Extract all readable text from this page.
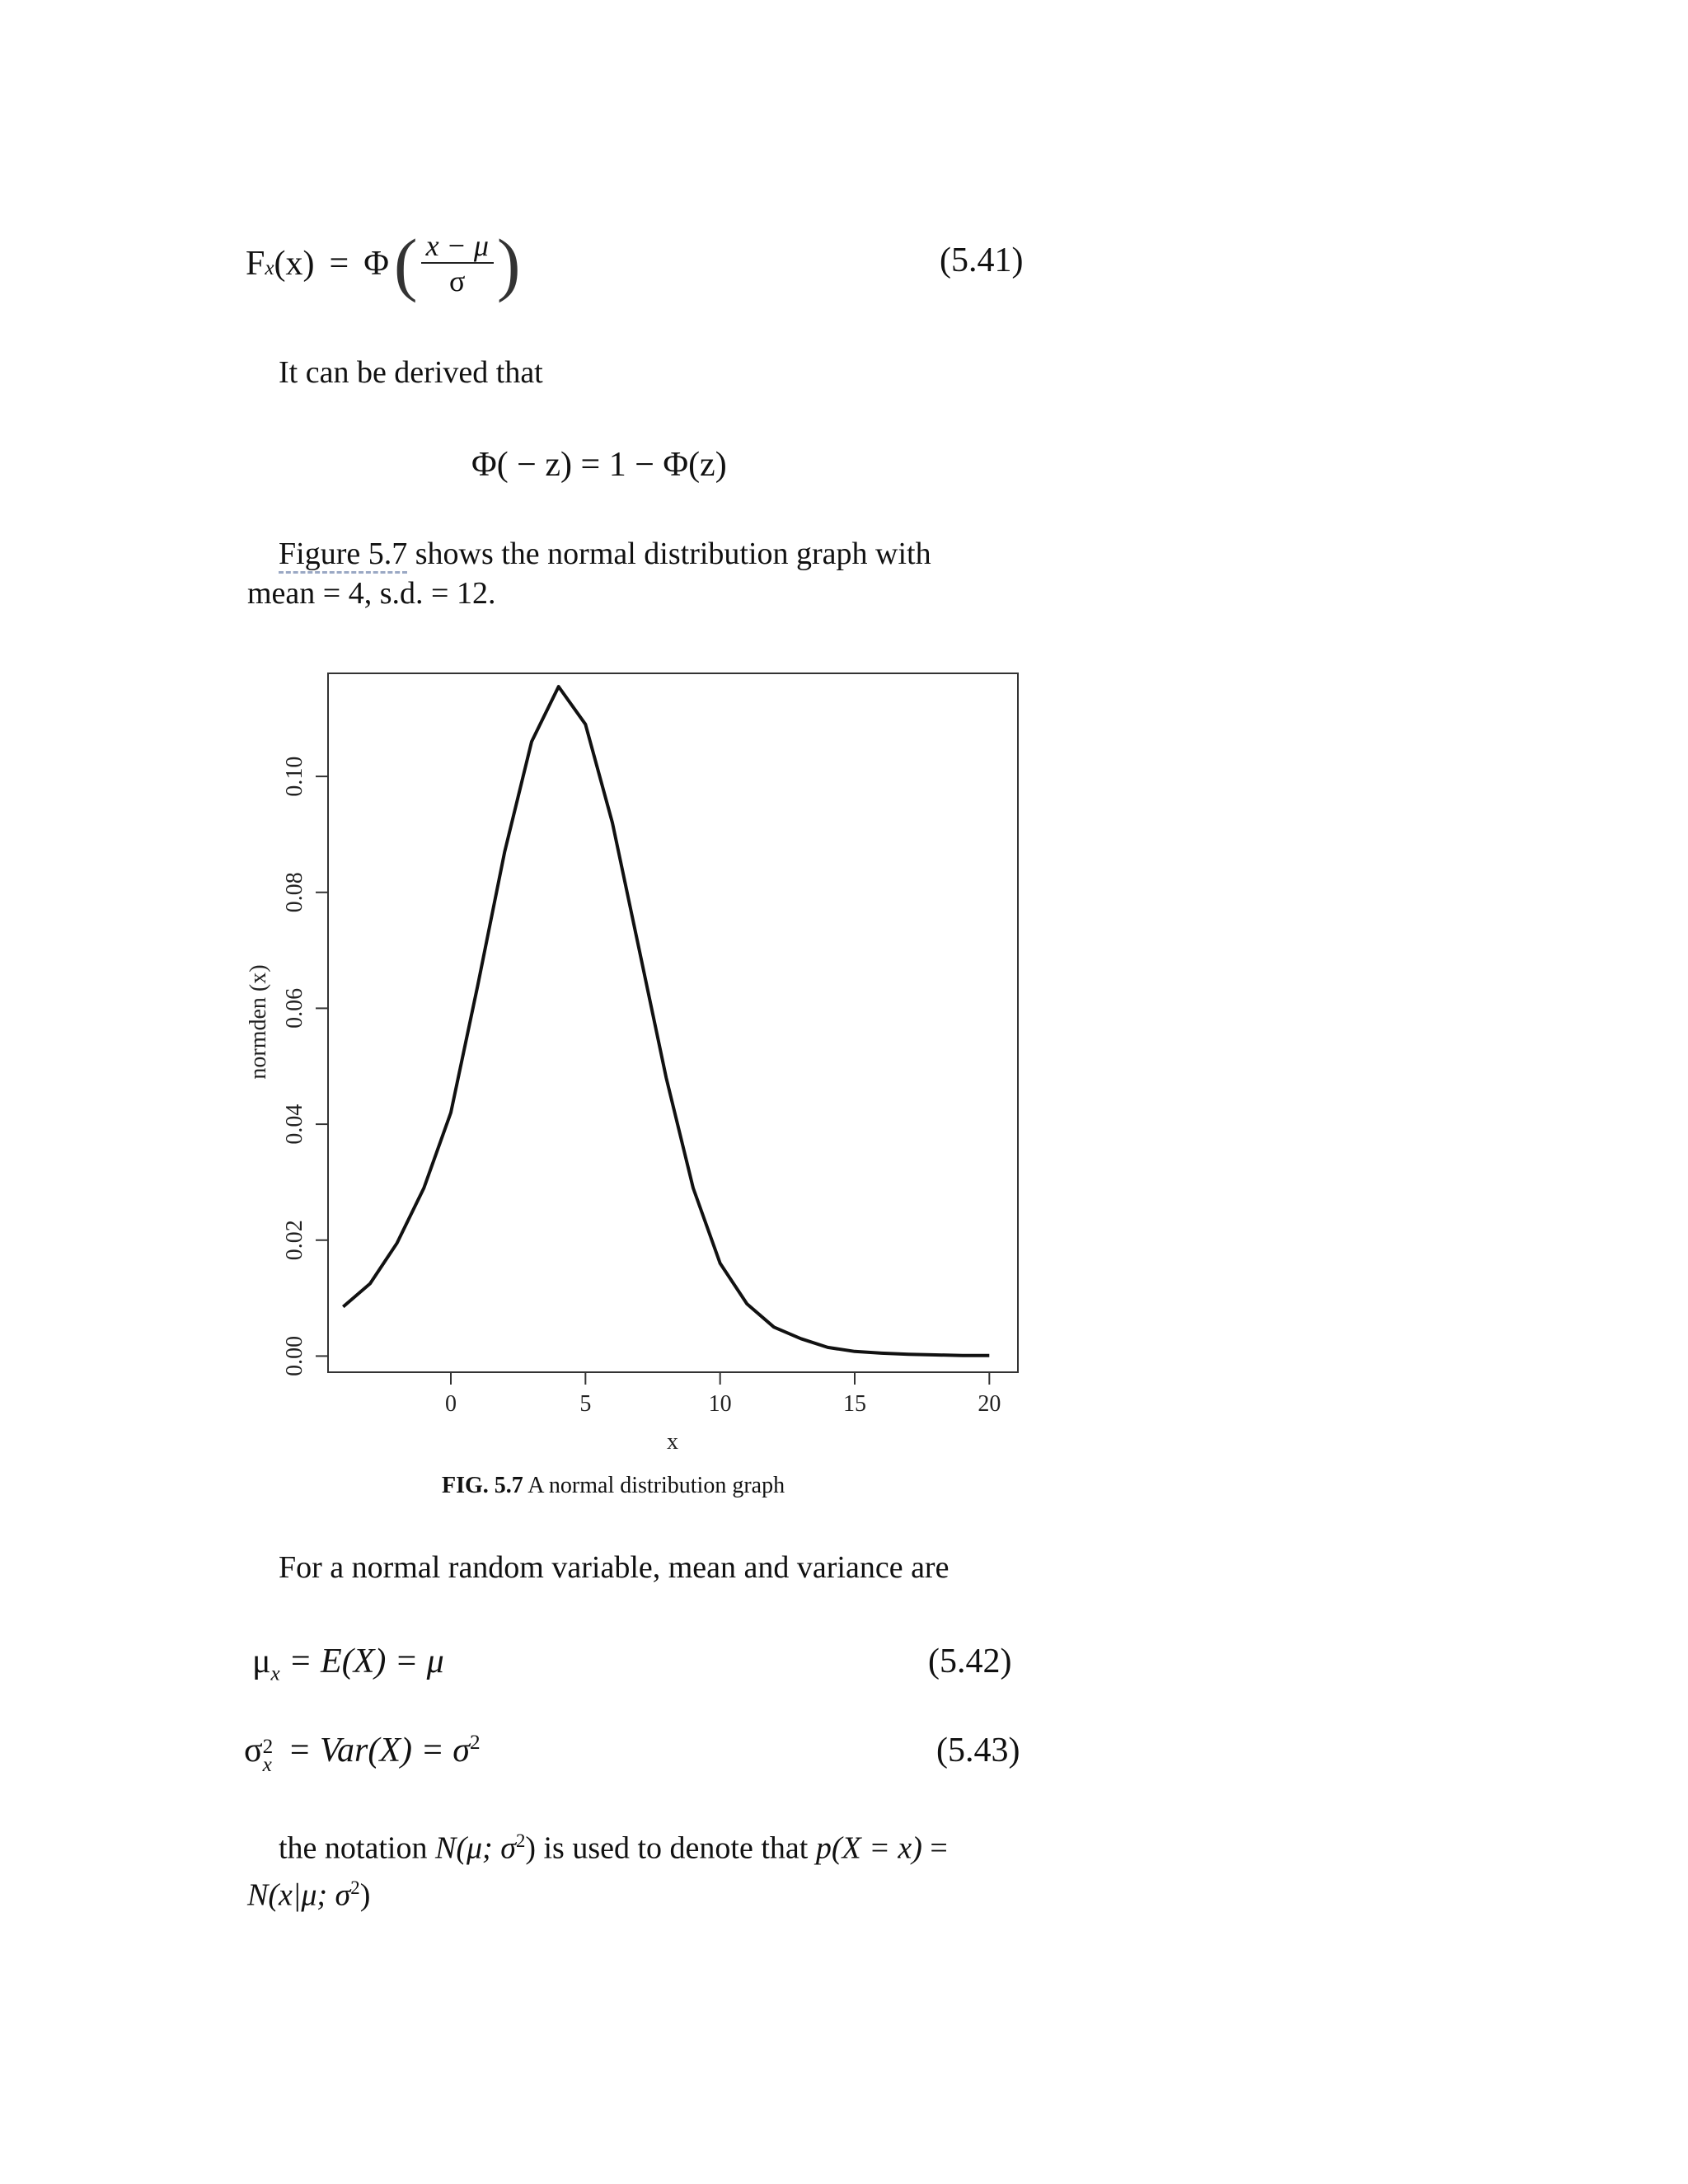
$F_x$ (x) = Φ ( $\frac{x - \mu}{\sigma}$ )	(5.41)
It can be derived that
Φ( − z) = 1 − Φ(z)
Figure 5.7 shows the normal distribution graph with
mean = 4, s.d. = 12.
0	5	10	15	20
0.00
0.02
0.04
0.06
0.08
0.10
x
normden (x)
FIG. 5.7 A normal distribution graph
For a normal random variable, mean and variance are
$\mu_x = E(X) = \mu$	(5.42)
σ 2
$x = Var(X) = \sigma^2$	(5.43)
the notation N(μ; $\sigma^2$) is used to denote that p(X = x) =
N(x|μ; $\sigma^2$)
